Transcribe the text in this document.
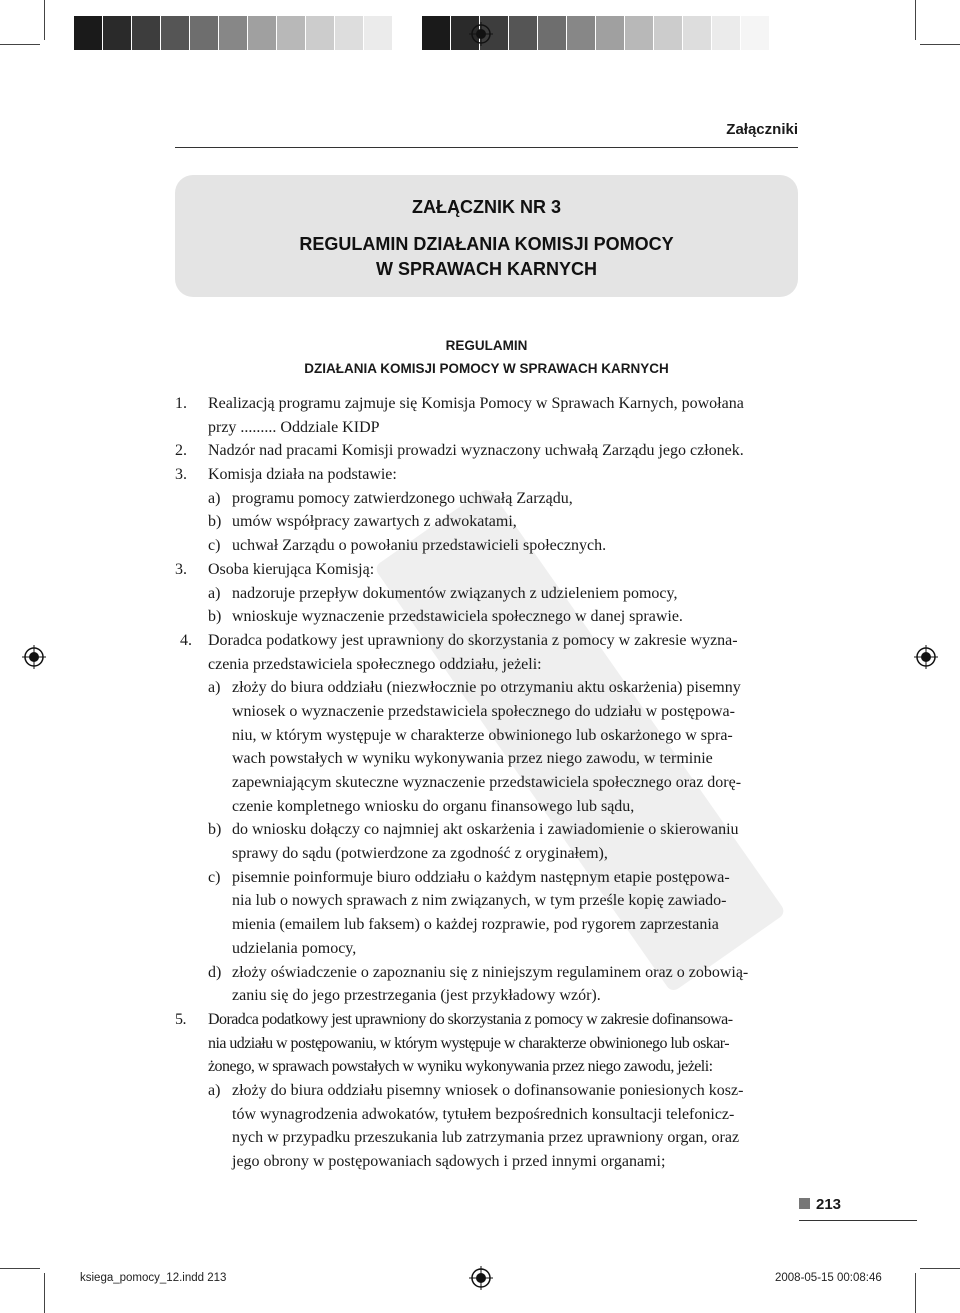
Załączniki
ZAŁĄCZNIK NR 3
REGULAMIN DZIAŁANIA KOMISJI POMOCY
W SPRAWACH KARNYCH
REGULAMIN
DZIAŁANIA KOMISJI POMOCY W SPRAWACH KARNYCH
1. Realizacją programu zajmuje się Komisja Pomocy w Sprawach Karnych, powołana
przy ......... Oddziale KIDP
2. Nadzór nad pracami Komisji prowadzi wyznaczony uchwałą Zarządu jego członek.
3. Komisja działa na podstawie:
a) programu pomocy zatwierdzonego uchwałą Zarządu,
b) umów współpracy zawartych z adwokatami,
c) uchwał Zarządu o powołaniu przedstawicieli społecznych.
3. Osoba kierująca Komisją:
a) nadzoruje przepływ dokumentów związanych z udzieleniem pomocy,
b) wnioskuje wyznaczenie przedstawiciela społecznego w danej sprawie.
4. Doradca podatkowy jest uprawniony do skorzystania z pomocy w zakresie wyzna-
czenia przedstawiciela społecznego oddziału, jeżeli:
a) złoży do biura oddziału (niezwłocznie po otrzymaniu aktu oskarżenia) pisemny
wniosek o wyznaczenie przedstawiciela społecznego do udziału w postępowa-
niu, w którym występuje w charakterze obwinionego lub oskarżonego w spra-
wach powstałych w wyniku wykonywania przez niego zawodu, w terminie
zapewniającym skuteczne wyznaczenie przedstawiciela społecznego oraz dorę-
czenie kompletnego wniosku do organu finansowego lub sądu,
b) do wniosku dołączy co najmniej akt oskarżenia i zawiadomienie o skierowaniu
sprawy do sądu (potwierdzone za zgodność z oryginałem),
c) pisemnie poinformuje biuro oddziału o każdym następnym etapie postępowa-
nia lub o nowych sprawach z nim związanych, w tym prześle kopię zawiado-
mienia (emailem lub faksem) o każdej rozprawie, pod rygorem zaprzestania
udzielania pomocy,
d) złoży oświadczenie o zapoznaniu się z niniejszym regulaminem oraz o zobowią-
zaniu się do jego przestrzegania (jest przykładowy wzór).
5. Doradca podatkowy jest uprawniony do skorzystania z pomocy w zakresie dofinansowa-
nia udziału w postępowaniu, w którym występuje w charakterze obwinionego lub oskar-
żonego, w sprawach powstałych w wyniku wykonywania przez niego zawodu, jeżeli:
a) złoży do biura oddziału pisemny wniosek o dofinansowanie poniesionych kosz-
tów wynagrodzenia adwokatów, tytułem bezpośrednich konsultacji telefonicz-
nych w przypadku przeszukania lub zatrzymania przez uprawniony organ, oraz
jego obrony w postępowaniach sądowych i przed innymi organami;
213
ksiega_pomocy_12.indd 213	2008-05-15 00:08:46
